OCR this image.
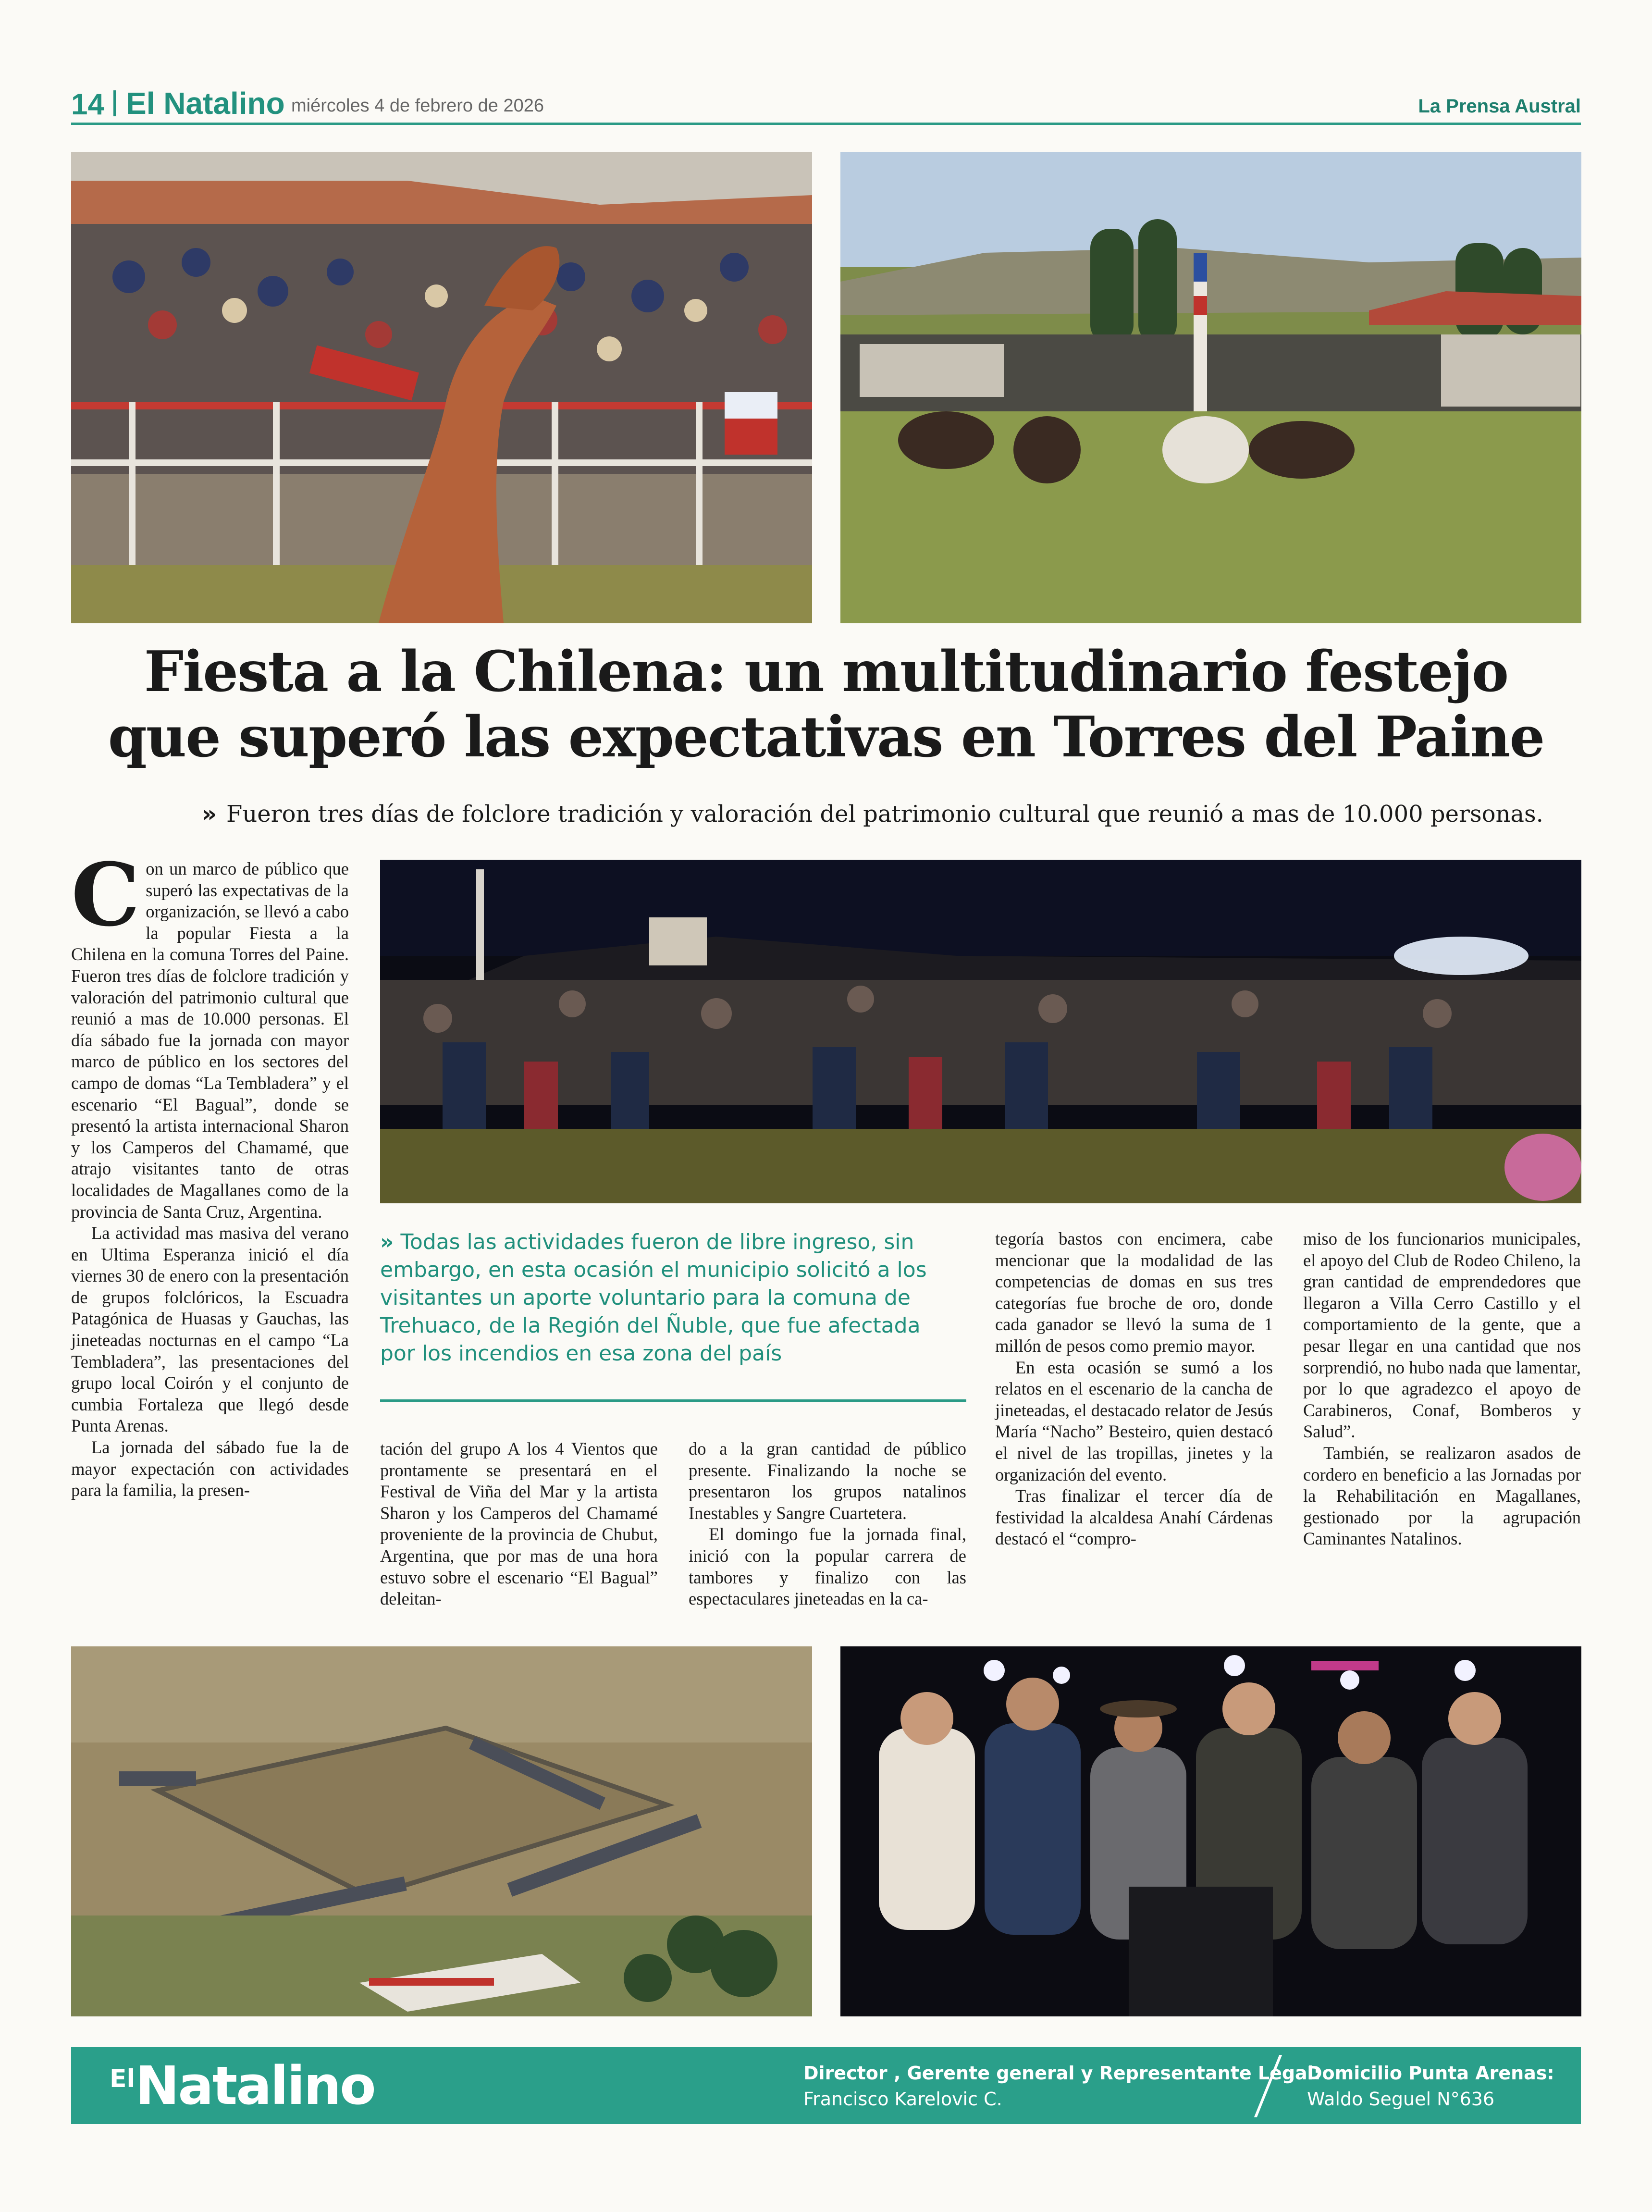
14 El Natalino miércoles 4 de febrero de 2026	La Prensa Austral
Fiesta a la Chilena: un multitudinario festejo
que superó las expectativas en Torres del Paine
» Fueron tres días de folclore tradición y valoración del patrimonio cultural que reunió a mas de 10.000 personas.

Con un marco de público que superó las expectativas de la organización, se llevó a cabo la popular Fiesta a la Chilena en la comuna Torres del Paine. Fueron tres días de folclore tradición y valoración del patrimonio cultural que reunió a mas de 10.000 personas. El día sábado fue la jornada con mayor marco de público en los sectores del campo de domas “La Tembladera” y el escenario “El Bagual”, donde se presentó la artista internacional Sharon y los Camperos del Chamamé, que atrajo visitantes tanto de otras localidades de Magallanes como de la provincia de Santa Cruz, Argentina.

La actividad mas masiva del verano en Ultima Esperanza inició el día viernes 30 de enero con la presentación de grupos folclóricos, la Escuadra Patagónica de Huasas y Gauchas, las jineteadas nocturnas en el campo “La Tembladera”, las presentaciones del grupo local Coirón y el conjunto de cumbia Fortaleza que llegó desde Punta Arenas.

La jornada del sábado fue la de mayor expectación con actividades para la familia, la presen-

» Todas las actividades fueron de libre ingreso, sin embargo, en esta ocasión el municipio solicitó a los visitantes un aporte voluntario para la comuna de Trehuaco, de la Región del Ñuble, que fue afectada por los incendios en esa zona del país

tación del grupo A los 4 Vientos que prontamente se presentará en el Festival de Viña del Mar y la artista Sharon y los Camperos del Chamamé proveniente de la provincia de Chubut, Argentina, que por mas de una hora estuvo sobre el escenario “El Bagual” deleitan-

do a la gran cantidad de público presente. Finalizando la noche se presentaron los grupos natalinos Inestables y Sangre Cuartetera.

El domingo fue la jornada final, inició con la popular carrera de tambores y finalizo con las espectaculares jineteadas en la ca-

tegoría bastos con encimera, cabe mencionar que la modalidad de las competencias de domas en sus tres categorías fue broche de oro, donde cada ganador se llevó la suma de 1 millón de pesos como premio mayor.

En esta ocasión se sumó a los relatos en el escenario de la cancha de jineteadas, el destacado relator de Jesús María “Nacho” Besteiro, quien destacó el nivel de las tropillas, jinetes y la organización del evento.

Tras finalizar el tercer día de festividad la alcaldesa Anahí Cárdenas destacó el “compro-

miso de los funcionarios municipales, el apoyo del Club de Rodeo Chileno, la gran cantidad de emprendedores que llegaron a Villa Cerro Castillo y el comportamiento de la gente, que a pesar llegar en una cantidad que nos sorprendió, no hubo nada que lamentar, por lo que agradezco el apoyo de Carabineros, Conaf, Bomberos y Salud”.

También, se realizaron asados de cordero en beneficio a las Jornadas por la Rehabilitación en Magallanes, gestionado por la agrupación Caminantes Natalinos.

ElNatalino	Director , Gerente general y Representante Legal:
Francisco Karelovic C.
Domicilio Punta Arenas:
Waldo Seguel N°636
